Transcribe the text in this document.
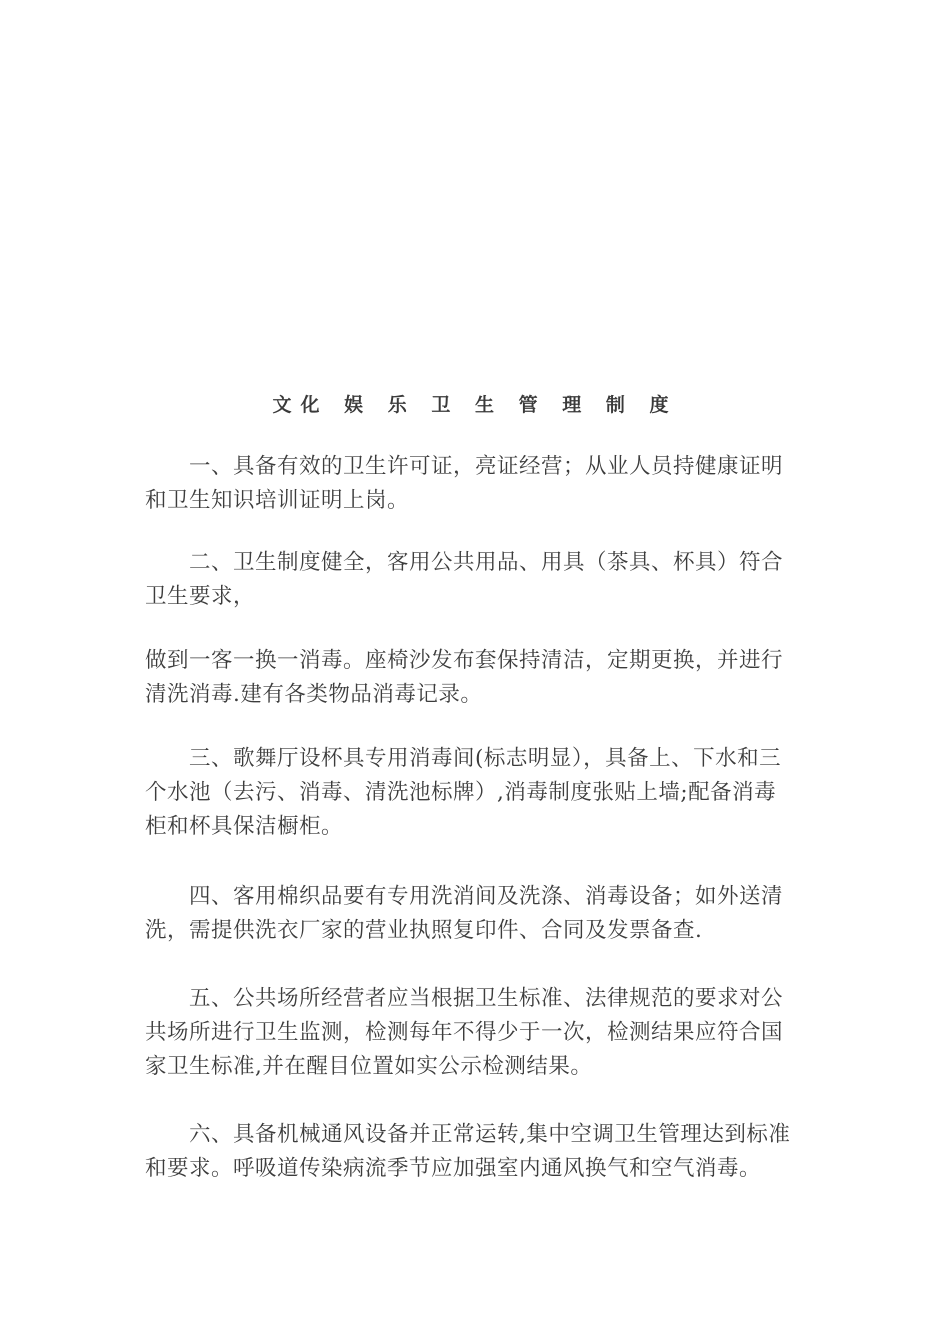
文化 娱 乐 卫 生 管 理 制 度

一、具备有效的卫生许可证，亮证经营；从业人员持健康证明
和卫生知识培训证明上岗。

二、卫生制度健全，客用公共用品、用具（茶具、杯具）符合
卫生要求，

做到一客一换一消毒。座椅沙发布套保持清洁，定期更换，并进行
清洗消毒.建有各类物品消毒记录。

三、歌舞厅设杯具专用消毒间(标志明显），具备上、下水和三
个水池（去污、消毒、清洗池标牌）,消毒制度张贴上墙;配备消毒
柜和杯具保洁橱柜。

四、客用棉织品要有专用洗消间及洗涤、消毒设备；如外送清
洗，需提供洗衣厂家的营业执照复印件、合同及发票备查.

五、公共场所经营者应当根据卫生标准、法律规范的要求对公
共场所进行卫生监测，检测每年不得少于一次，检测结果应符合国
家卫生标准,并在醒目位置如实公示检测结果。

六、具备机械通风设备并正常运转,集中空调卫生管理达到标准
和要求。呼吸道传染病流季节应加强室内通风换气和空气消毒。
